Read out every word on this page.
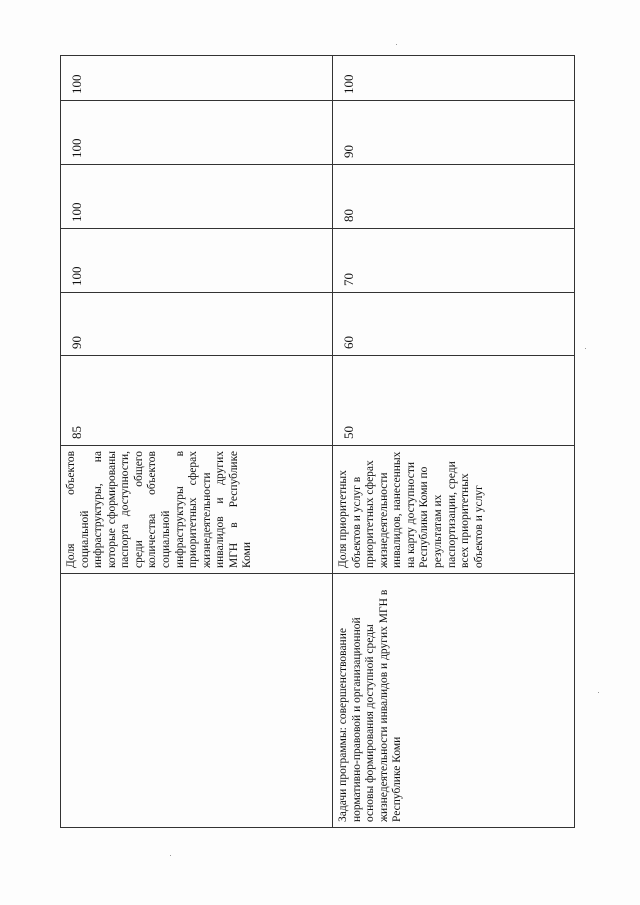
	Доля объектов социальной инфраструктуры, на которые сформированы паспорта доступности, среди общего количества объектов социальной инфраструктуры в приоритетных сферах жизнедеятельности инвалидов и других МГН в Республике Коми	85	90	100	100	100	100
Задачи программы: совершенствование нормативно-правовой и организационной основы формирования доступной среды жизнедеятельности инвалидов и других МГН в Республике Коми	Доля приоритетных объектов и услуг в приоритетных сферах жизнедеятельности инвалидов, нанесенных на карту доступности Республики Коми по результатам их паспортизации, среди всех приоритетных объектов и услуг	50	60	70	80	90	100
